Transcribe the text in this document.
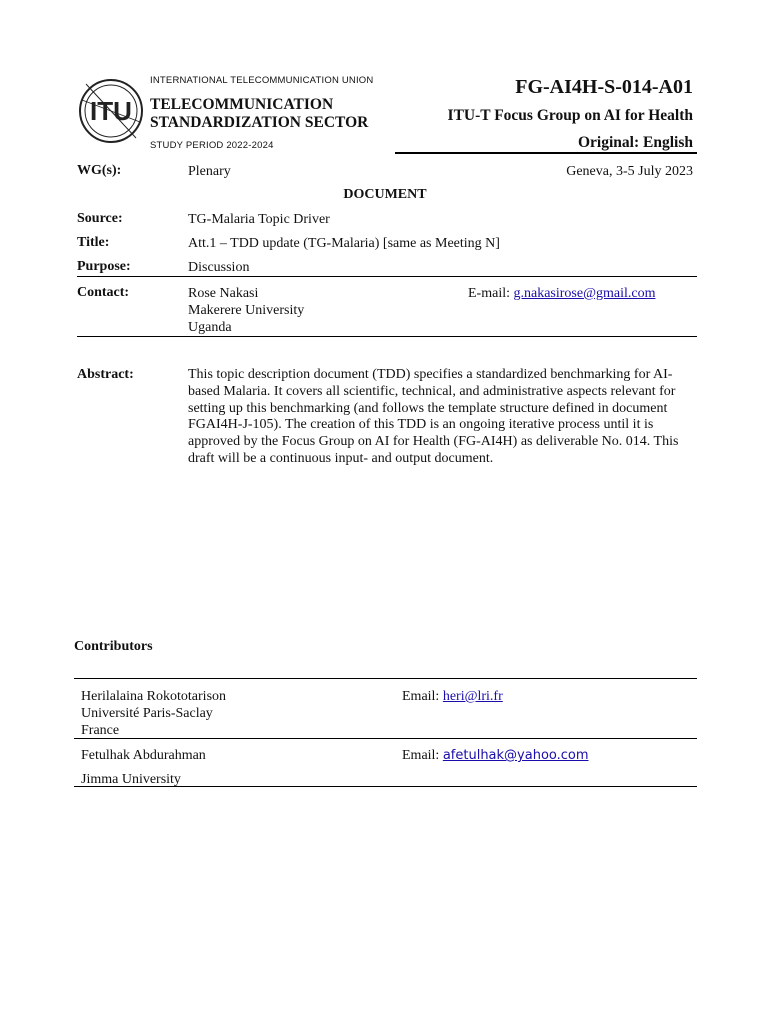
ITU
INTERNATIONAL TELECOMMUNICATION UNION
TELECOMMUNICATION
STANDARDIZATION SECTOR
STUDY PERIOD 2022-2024
FG-AI4H-S-014-A01
ITU-T Focus Group on AI for Health
Original: English
WG(s):	Plenary	Geneva, 3-5 July 2023
DOCUMENT
Source:	TG-Malaria Topic Driver
Title:	Att.1 – TDD update (TG-Malaria) [same as Meeting N]
Purpose:	Discussion
Contact:	Rose Nakasi
Makerere University
Uganda
E-mail: g.nakasirose@gmail.com
Abstract:	This topic description document (TDD) specifies a standardized benchmarking for AI-based Malaria. It covers all scientific, technical, and administrative aspects relevant for setting up this benchmarking (and follows the template structure defined in document FGAI4H-J-105). The creation of this TDD is an ongoing iterative process until it is approved by the Focus Group on AI for Health (FG-AI4H) as deliverable No. 014. This draft will be a continuous input- and output document.
Contributors
Herilalaina Rokototarison
Université Paris-Saclay
France
Email: heri@lri.fr
Fetulhak Abdurahman
Jimma University
Email: afetulhak@yahoo.com
